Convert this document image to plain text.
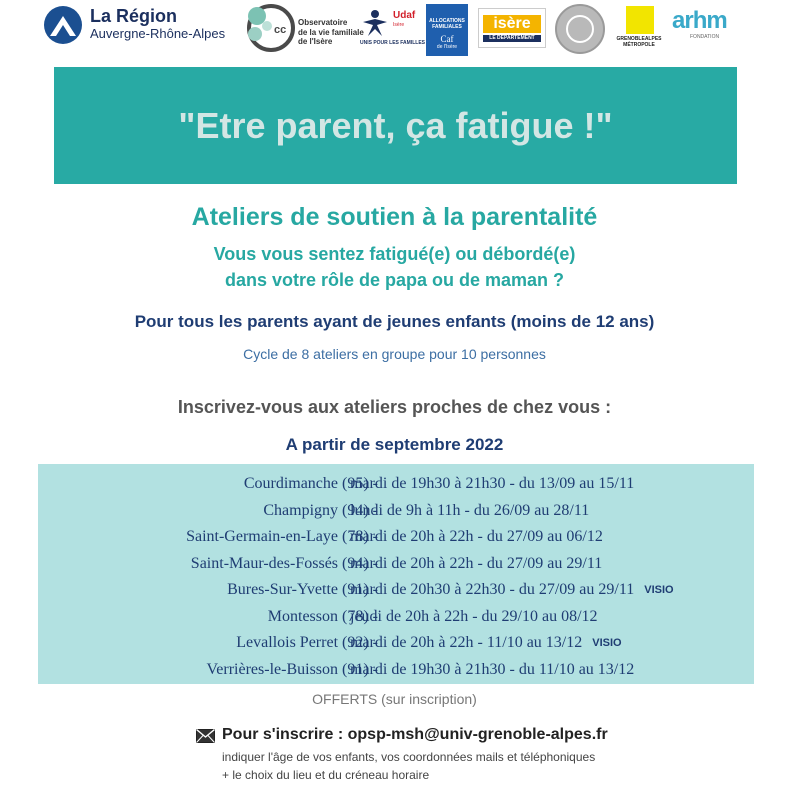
La Région
Auvergne-Rhône-Alpes	cc
Observatoire
de la vie familiale
de l'Isère
Udaf
Isère
UNIS POUR LES FAMILLES
ALLOCATIONS
FAMILIALES
Caf
de l'Isère
isère
LE DÉPARTEMENT	GRENOBLEALPES
MÉTROPOLE
arhm
FONDATION
"Etre parent, ça fatigue !"
Ateliers de soutien à la parentalité
Vous vous sentez fatigué(e) ou débordé(e)
dans votre rôle de papa ou de maman ?
Pour tous les parents ayant de jeunes enfants (moins de 12 ans)
Cycle de 8 ateliers en groupe pour 10 personnes
Inscrivez-vous aux ateliers proches de chez vous :
A partir de septembre 2022
Courdimanche (95) -
mardi de 19h30 à 21h30 - du 13/09 au 15/11
Champigny (94) -
lundi de 9h à 11h - du 26/09 au 28/11
Saint-Germain-en-Laye (78) -
mardi de 20h à 22h - du 27/09 au 06/12
Saint-Maur-des-Fossés (94) -
mardi de 20h à 22h - du 27/09 au 29/11
Bures-Sur-Yvette (91) -
mardi de 20h30 à 22h30 - du 27/09 au 29/11 VISIO
Montesson (78) -
jeudi de 20h à 22h - du 29/10 au 08/12
Levallois Perret (92) -
mardi de 20h à 22h - 11/10 au 13/12 VISIO
Verrières-le-Buisson (91) -
mardi de 19h30 à 21h30 - du 11/10 au 13/12
OFFERTS (sur inscription)
Pour s'inscrire : opsp-msh@univ-grenoble-alpes.fr
indiquer l'âge de vos enfants, vos coordonnées mails et téléphoniques
+ le choix du lieu et du créneau horaire
